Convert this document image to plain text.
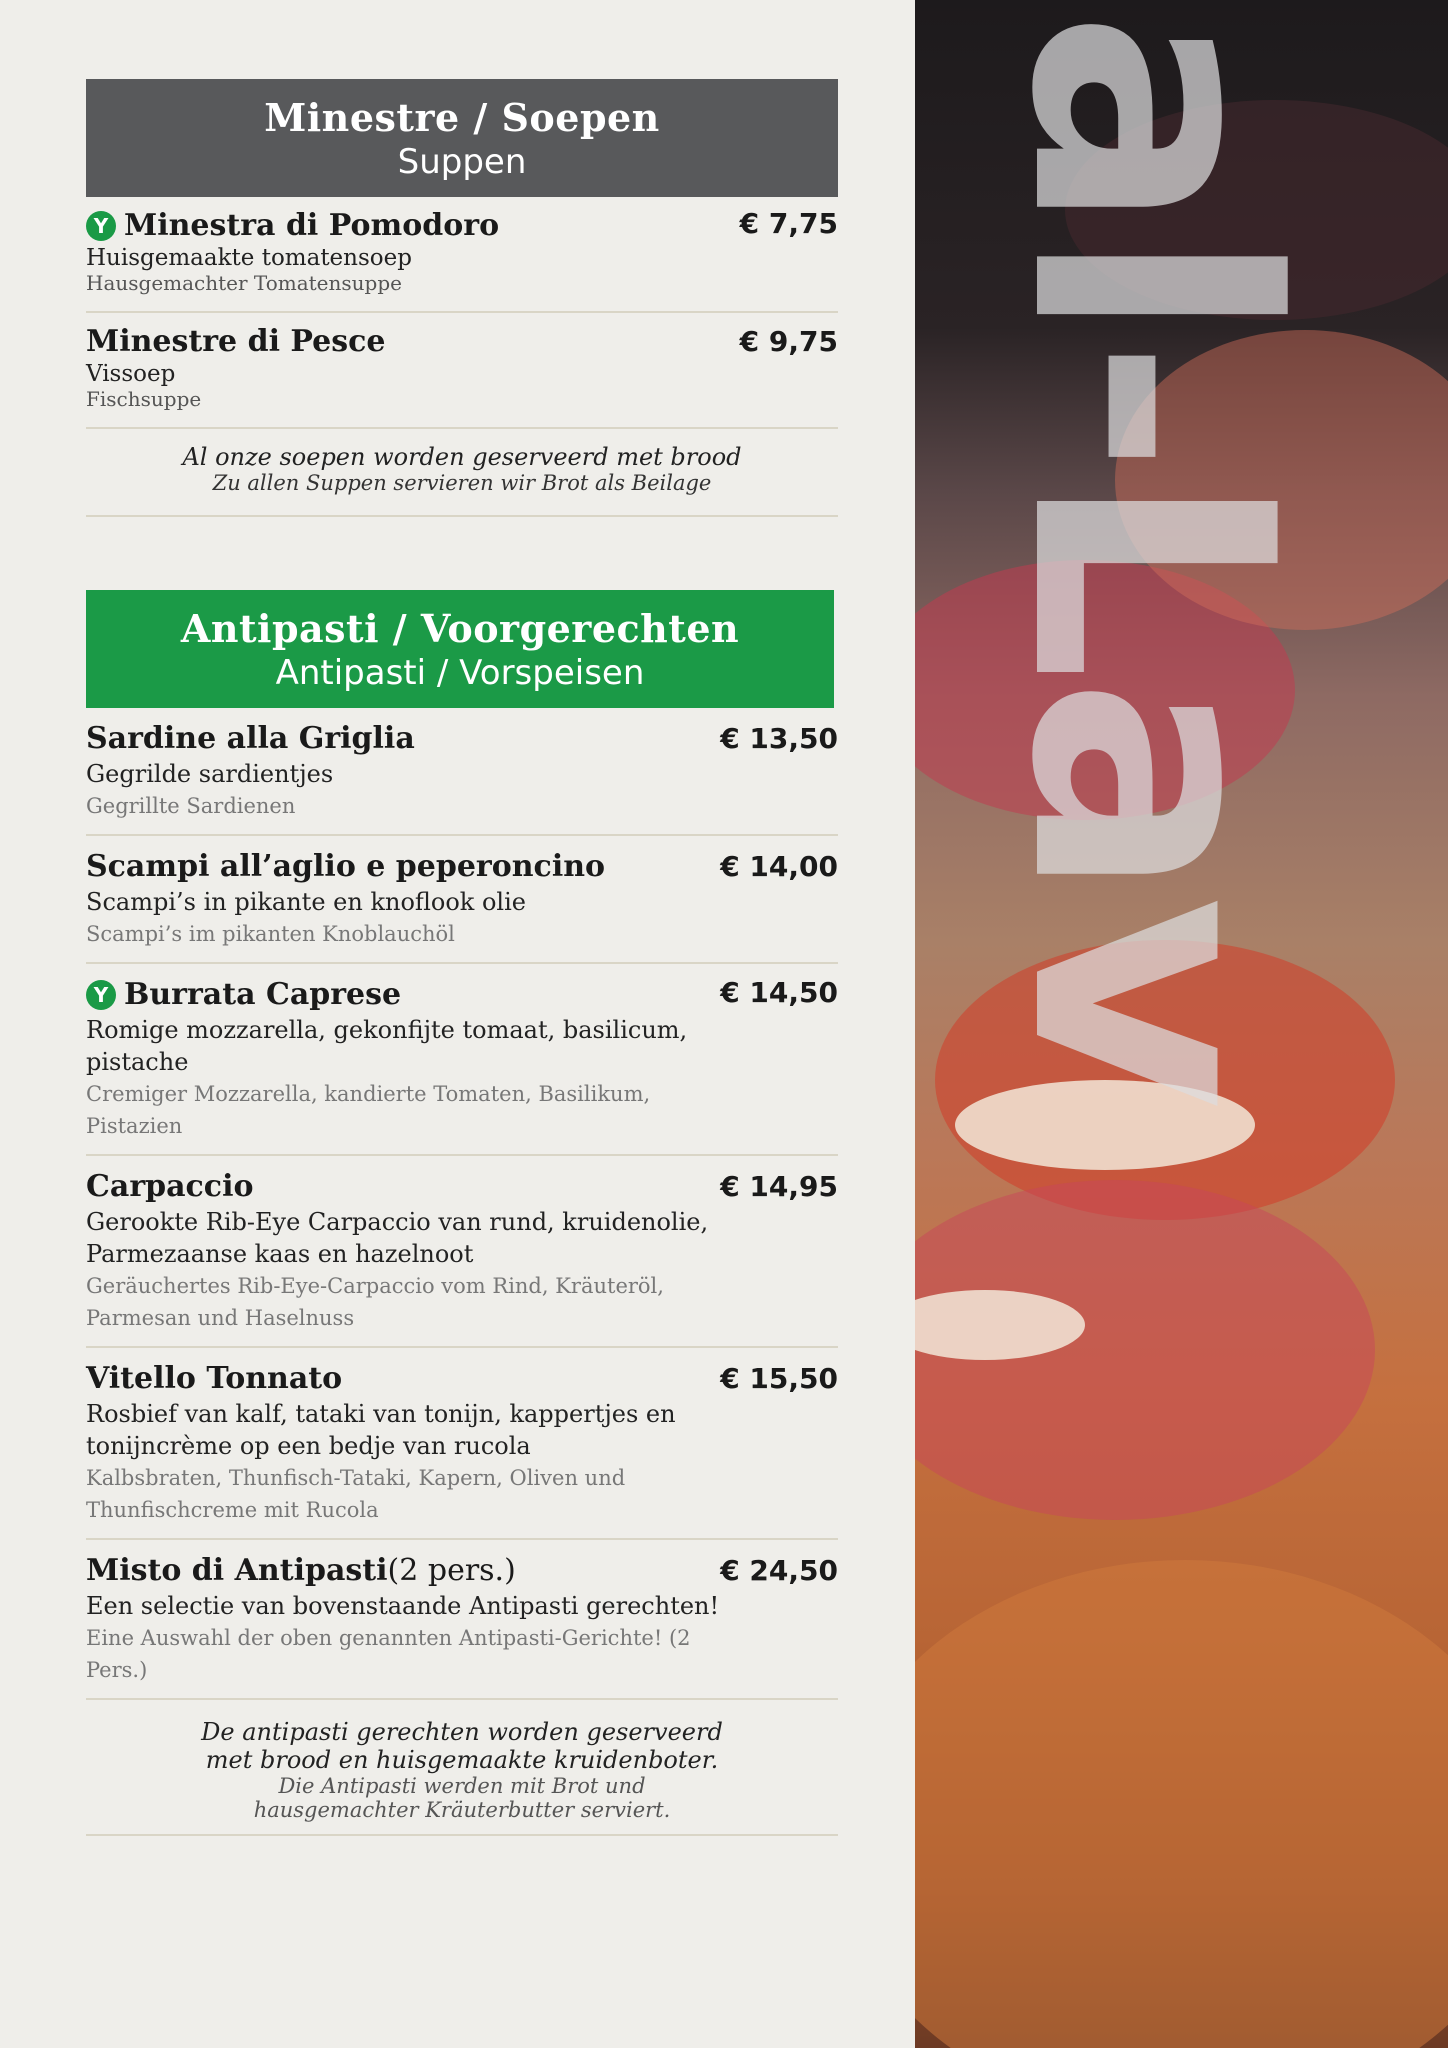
Minestre / Soepen
Suppen
Y Minestra di Pomodoro	€ 7,75
Huisgemaakte tomatensoep
Hausgemachter Tomatensuppe
Minestre di Pesce	€ 9,75
Vissoep
Fischsuppe
Al onze soepen worden geserveerd met brood
Zu allen Suppen servieren wir Brot als Beilage
Antipasti / Voorgerechten
Antipasti / Vorspeisen
Sardine alla Griglia	€ 13,50
Gegrilde sardientjes
Gegrillte Sardienen
Scampi all’aglio e peperoncino	€ 14,00
Scampi’s in pikante en knoflook olie
Scampi’s im pikanten Knoblauchöl
Y Burrata Caprese	€ 14,50
Romige mozzarella, gekonfijte tomaat, basilicum, pistache
Cremiger Mozzarella, kandierte Tomaten, Basilikum, Pistazien
Carpaccio	€ 14,95
Gerookte Rib-Eye Carpaccio van rund, kruidenolie, Parmezaanse kaas en hazelnoot
Geräuchertes Rib-Eye-Carpaccio vom Rind, Kräuteröl, Parmesan und Haselnuss
Vitello Tonnato	€ 15,50
Rosbief van kalf, tataki van tonijn, kappertjes en tonijncrème op een bedje van rucola
Kalbsbraten, Thunfisch-Tataki, Kapern, Oliven und Thunfischcreme mit Rucola
Misto di Antipasti (2 pers.)	€ 24,50
Een selectie van bovenstaande Antipasti gerechten!
Eine Auswahl der oben genannten Antipasti-Gerichte! (2 Pers.)
De antipasti gerechten worden geserveerd
met brood en huisgemaakte kruidenboter.
Die Antipasti werden mit Brot und
hausgemachter Kräuterbutter serviert.
al-Lav
